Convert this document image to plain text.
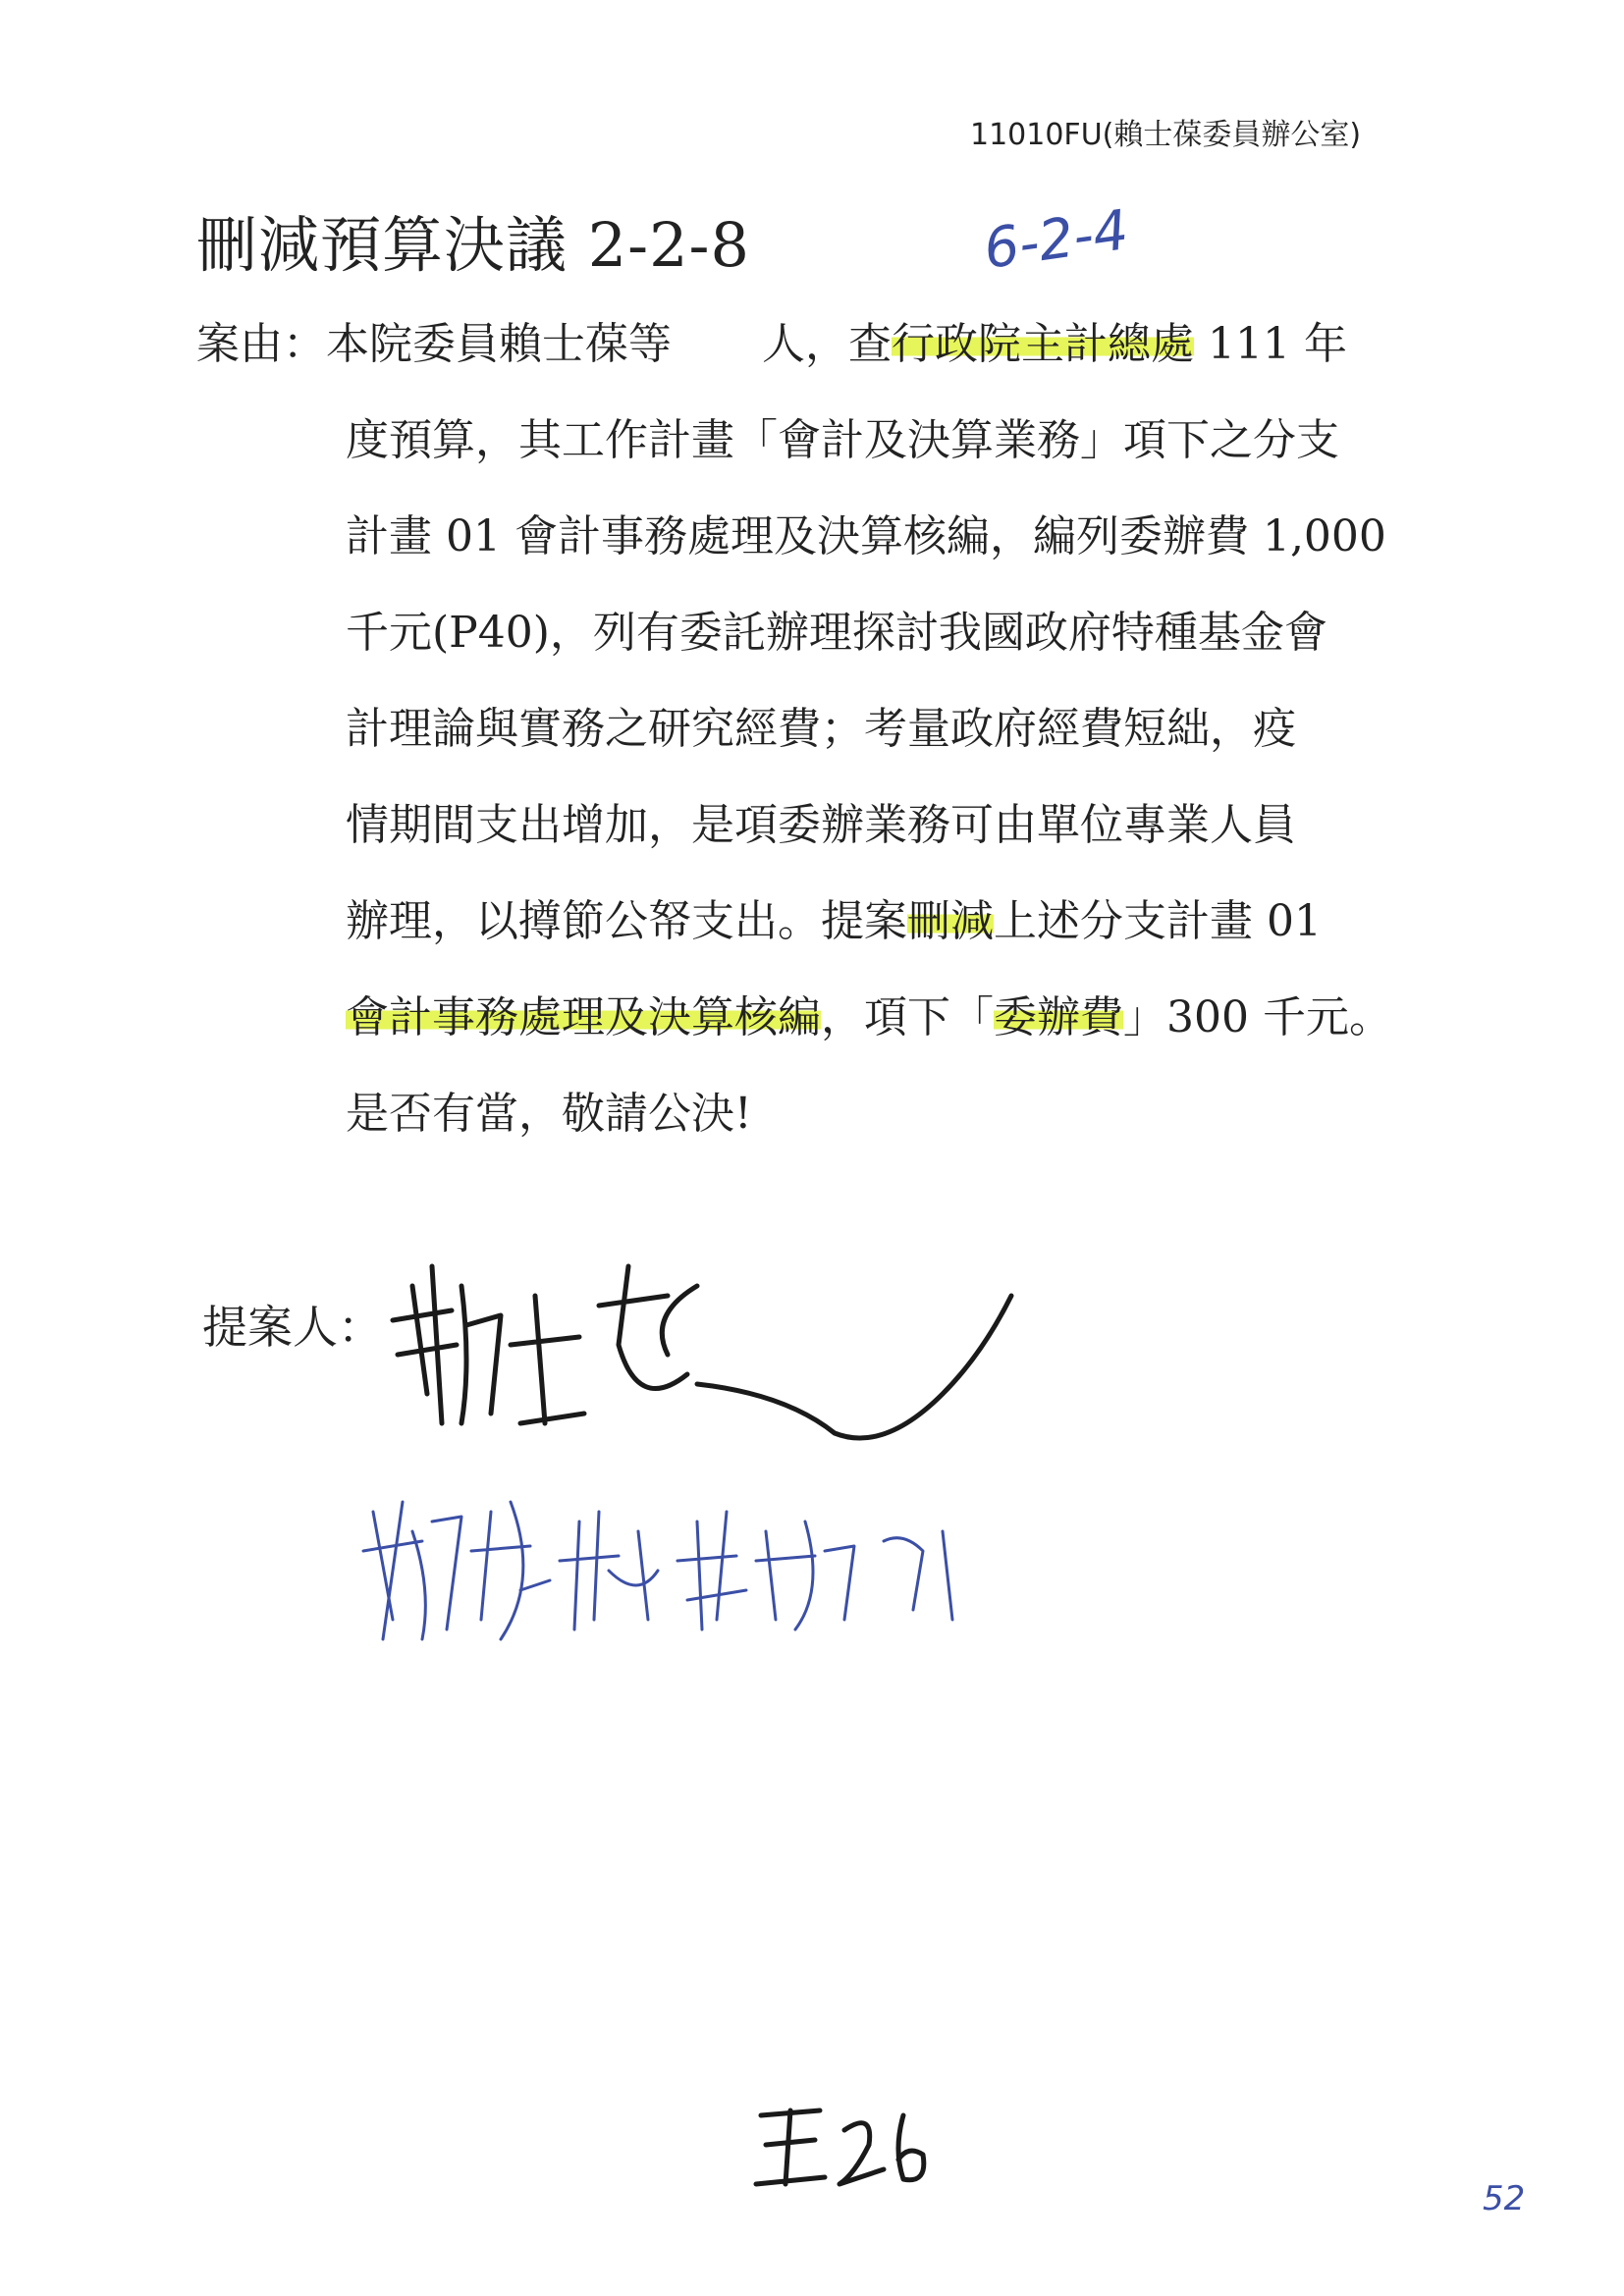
11010FU(賴士葆委員辦公室)
刪減預算決議 2-2-8	6-2-4
案由：本院委員賴士葆等 人，查行政院主計總處 111 年
度預算，其工作計畫「會計及決算業務」項下之分支
計畫 01 會計事務處理及決算核編，編列委辦費 1,000
千元(P40)，列有委託辦理探討我國政府特種基金會
計理論與實務之研究經費；考量政府經費短絀，疫
情期間支出增加，是項委辦業務可由單位專業人員
辦理，以撙節公帑支出。提案刪減上述分支計畫 01
會計事務處理及決算核編，項下「委辦費」300 千元。
是否有當，敬請公決!
提案人：
52
